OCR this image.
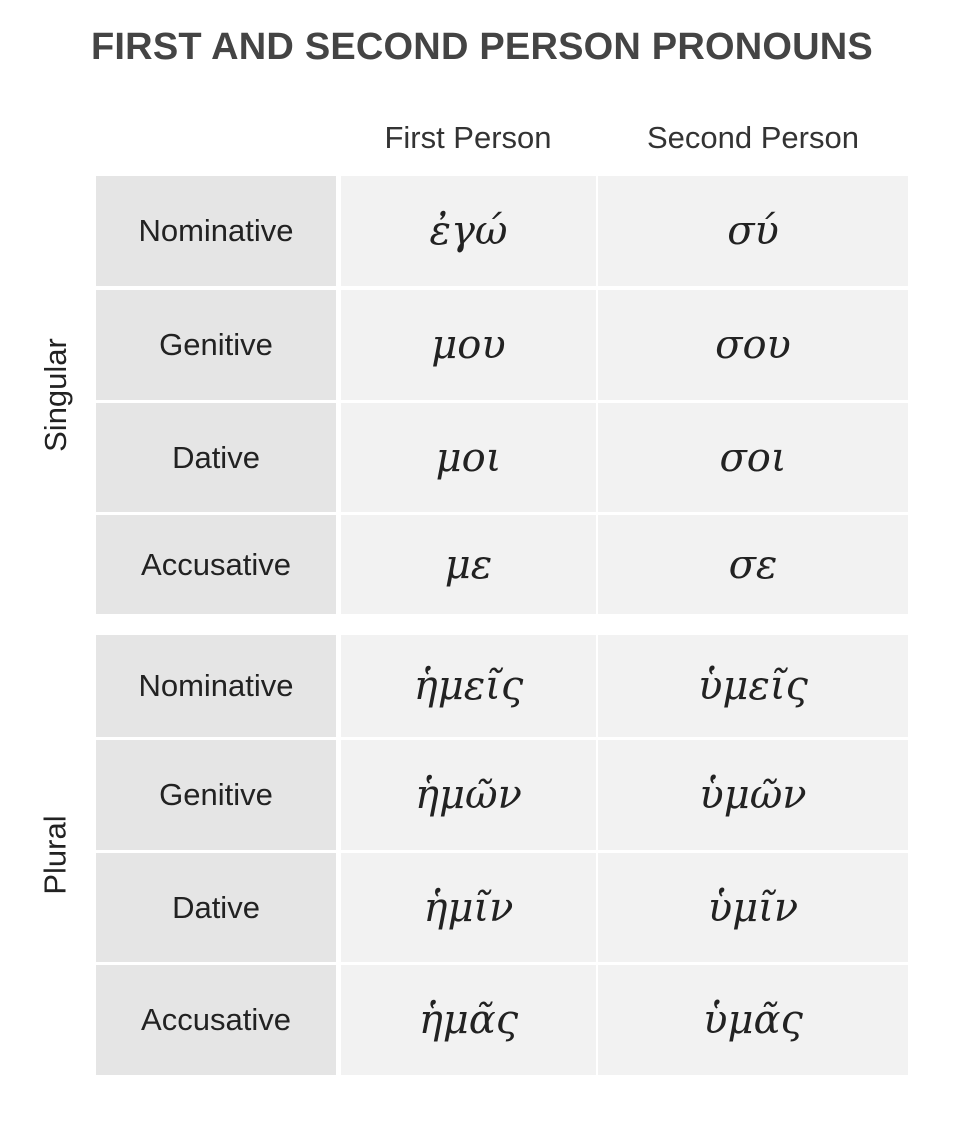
FIRST AND SECOND PERSON PRONOUNS
First Person	Second Person
Singular
Plural
Nominative	ἐγώ	σύ
Genitive	μου	σου
Dative	μοι	σοι
Accusative	με	σε
Nominative	ἡμεῖς	ὑμεῖς
Genitive	ἡμῶν	ὑμῶν
Dative	ἡμῖν	ὑμῖν
Accusative	ἡμᾶς	ὑμᾶς
